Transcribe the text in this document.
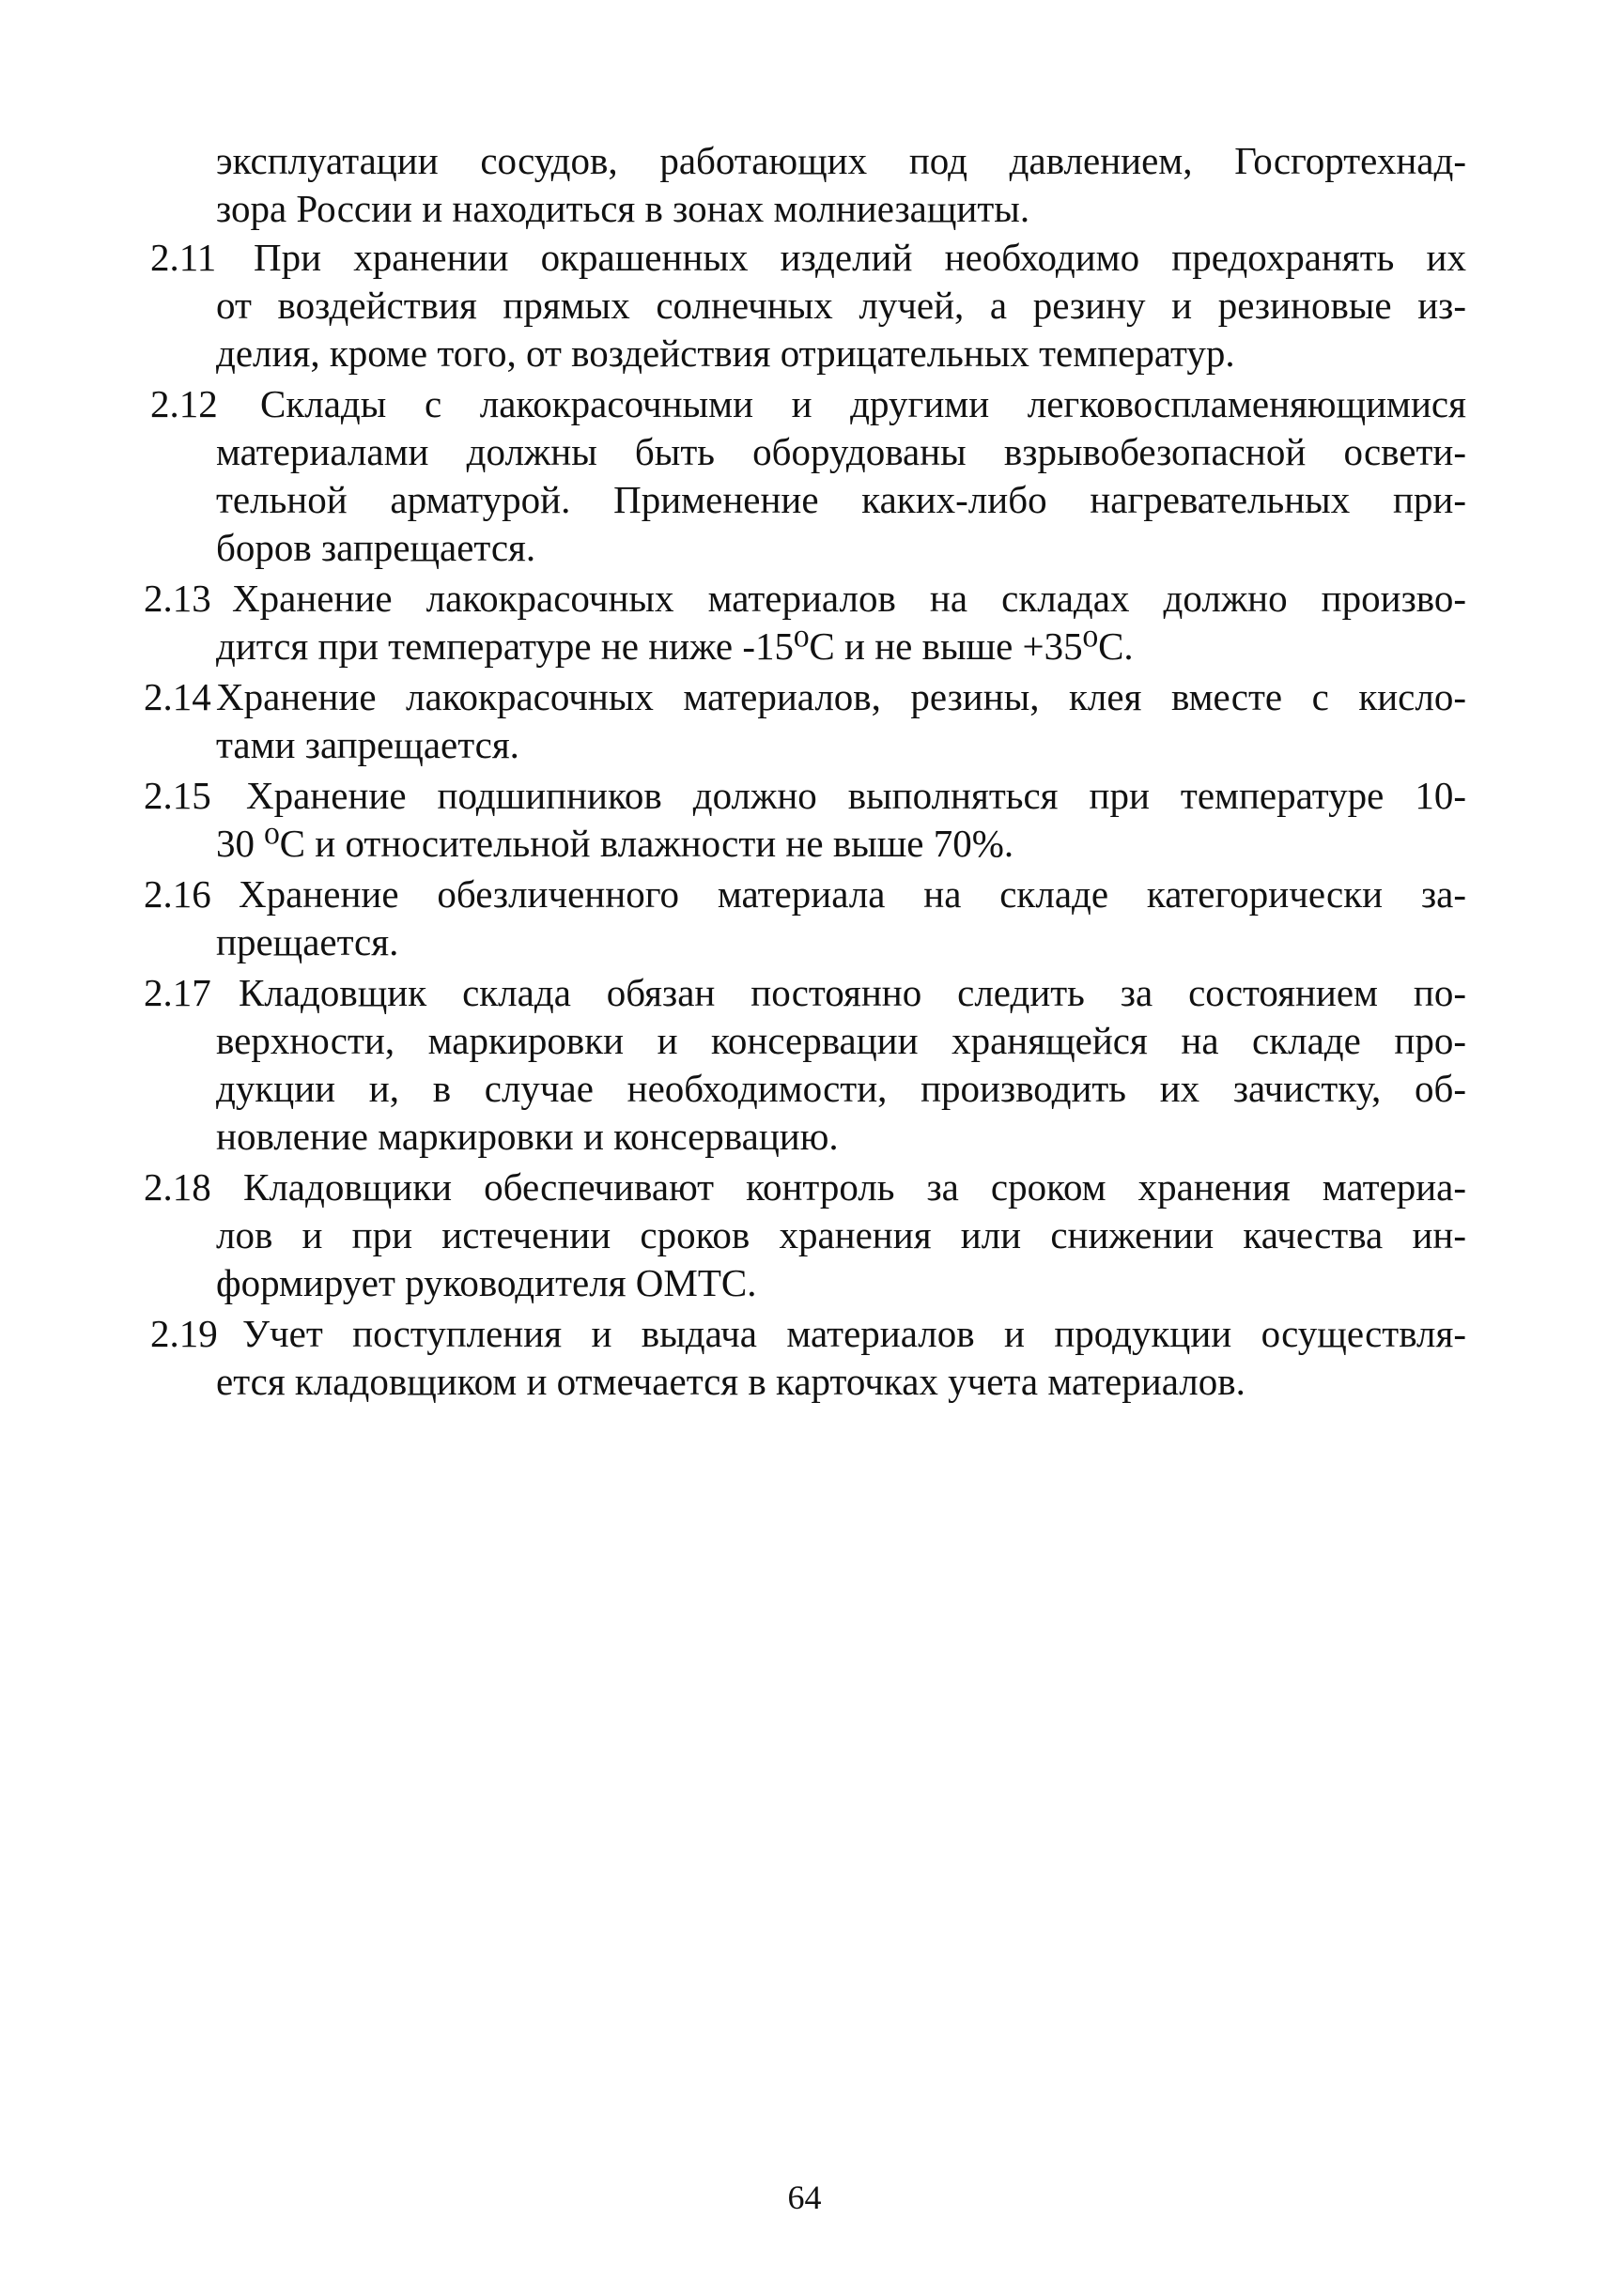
эксплуатации сосудов, работающих под давлением, Госгортехнад-
зора России и находиться в зонах молниезащиты.
2.11 При хранении окрашенных изделий необходимо предохранять их
от воздействия прямых солнечных лучей, а резину и резиновые из-
делия, кроме того, от воздействия отрицательных температур.
2.12 Склады с лакокрасочными и другими легковоспламеняющимися
материалами должны быть оборудованы взрывобезопасной освети-
тельной арматурой. Применение каких-либо нагревательных при-
боров запрещается.
2.13 Хранение лакокрасочных материалов на складах должно произво-
дится при температуре не ниже -15⁰С и не выше +35⁰С.
2.14 Хранение лакокрасочных материалов, резины, клея вместе с кисло-
тами запрещается.
2.15 Хранение подшипников должно выполняться при температуре 10-
30 ⁰С и относительной влажности не выше 70%.
2.16 Хранение обезличенного материала на складе категорически за-
прещается.
2.17 Кладовщик склада обязан постоянно следить за состоянием по-
верхности, маркировки и консервации хранящейся на складе про-
дукции и, в случае необходимости, производить их зачистку, об-
новление маркировки и консервацию.
2.18 Кладовщики обеспечивают контроль за сроком хранения материа-
лов и при истечении сроков хранения или снижении качества ин-
формирует руководителя ОМТС.
2.19 Учет поступления и выдача материалов и продукции осуществля-
ется кладовщиком и отмечается в карточках учета материалов.
64
